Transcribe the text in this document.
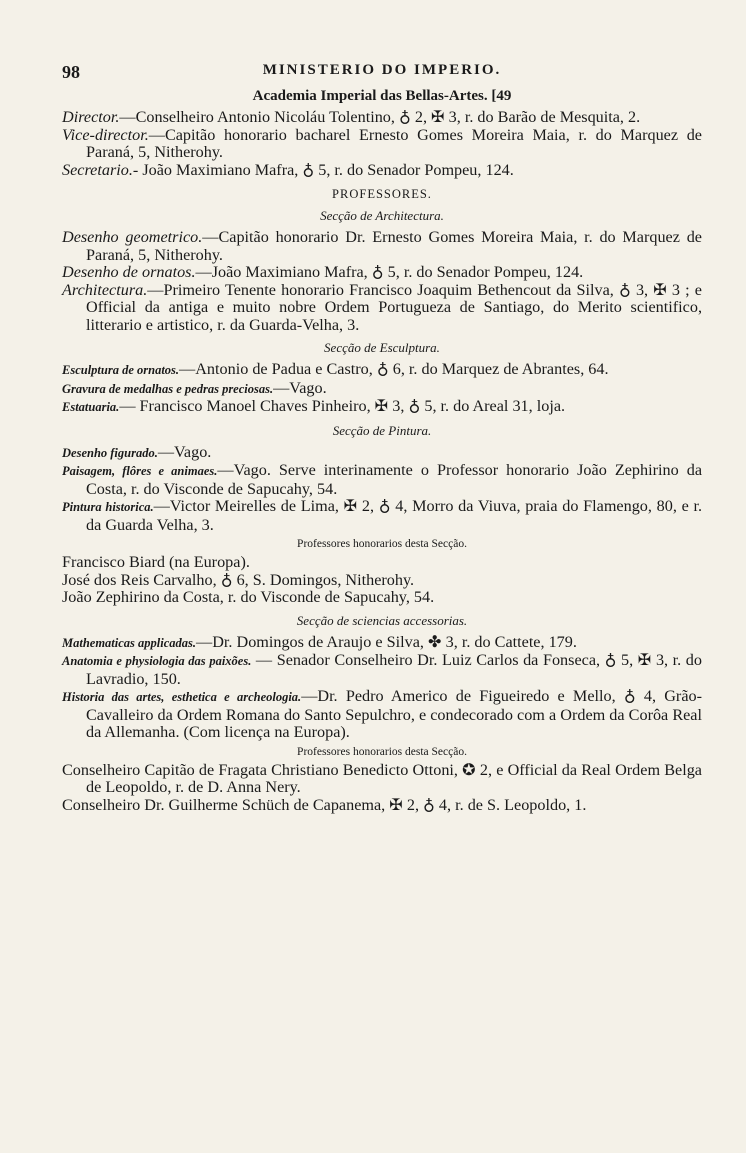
98	MINISTERIO DO IMPERIO.
Academia Imperial das Bellas-Artes. [49

Director.—Conselheiro Antonio Nicoláu Tolentino, ♁ 2, ✠ 3, r. do Barão de Mesquita, 2.

Vice-director.—Capitão honorario bacharel Ernesto Gomes Moreira Maia, r. do Marquez de Paraná, 5, Nitherohy.

Secretario.- João Maximiano Mafra, ♁ 5, r. do Senador Pompeu, 124.

PROFESSORES.
Secção de Architectura.

Desenho geometrico.—Capitão honorario Dr. Ernesto Gomes Moreira Maia, r. do Marquez de Paraná, 5, Nitherohy.

Desenho de ornatos.—João Maximiano Mafra, ♁ 5, r. do Senador Pompeu, 124.

Architectura.—Primeiro Tenente honorario Francisco Joaquim Bethencout da Silva, ♁ 3, ✠ 3 ; e Official da antiga e muito nobre Ordem Portugueza de Santiago, do Merito scientifico, litterario e artistico, r. da Guarda-Velha, 3.

Secção de Esculptura.

Esculptura de ornatos.—Antonio de Padua e Castro, ♁ 6, r. do Marquez de Abrantes, 64.

Gravura de medalhas e pedras preciosas.—Vago.

Estatuaria.— Francisco Manoel Chaves Pinheiro, ✠ 3, ♁ 5, r. do Areal 31, loja.

Secção de Pintura.

Desenho figurado.—Vago.

Paisagem, flôres e animaes.—Vago. Serve interinamente o Professor honorario João Zephirino da Costa, r. do Visconde de Sapucahy, 54.

Pintura historica.—Victor Meirelles de Lima, ✠ 2, ♁ 4, Morro da Viuva, praia do Flamengo, 80, e r. da Guarda Velha, 3.

Professores honorarios desta Secção.

Francisco Biard (na Europa).

José dos Reis Carvalho, ♁ 6, S. Domingos, Nitherohy.

João Zephirino da Costa, r. do Visconde de Sapucahy, 54.

Secção de sciencias accessorias.

Mathematicas applicadas.—Dr. Domingos de Araujo e Silva, ✤ 3, r. do Cattete, 179.

Anatomia e physiologia das paixões. — Senador Conselheiro Dr. Luiz Carlos da Fonseca, ♁ 5, ✠ 3, r. do Lavradio, 150.

Historia das artes, esthetica e archeologia.—Dr. Pedro Americo de Figueiredo e Mello, ♁ 4, Grão-Cavalleiro da Ordem Romana do Santo Sepulchro, e condecorado com a Ordem da Corôa Real da Allemanha. (Com licença na Europa).

Professores honorarios desta Secção.

Conselheiro Capitão de Fragata Christiano Benedicto Ottoni, ✪ 2, e Official da Real Ordem Belga de Leopoldo, r. de D. Anna Nery.

Conselheiro Dr. Guilherme Schüch de Capanema, ✠ 2, ♁ 4, r. de S. Leopoldo, 1.
